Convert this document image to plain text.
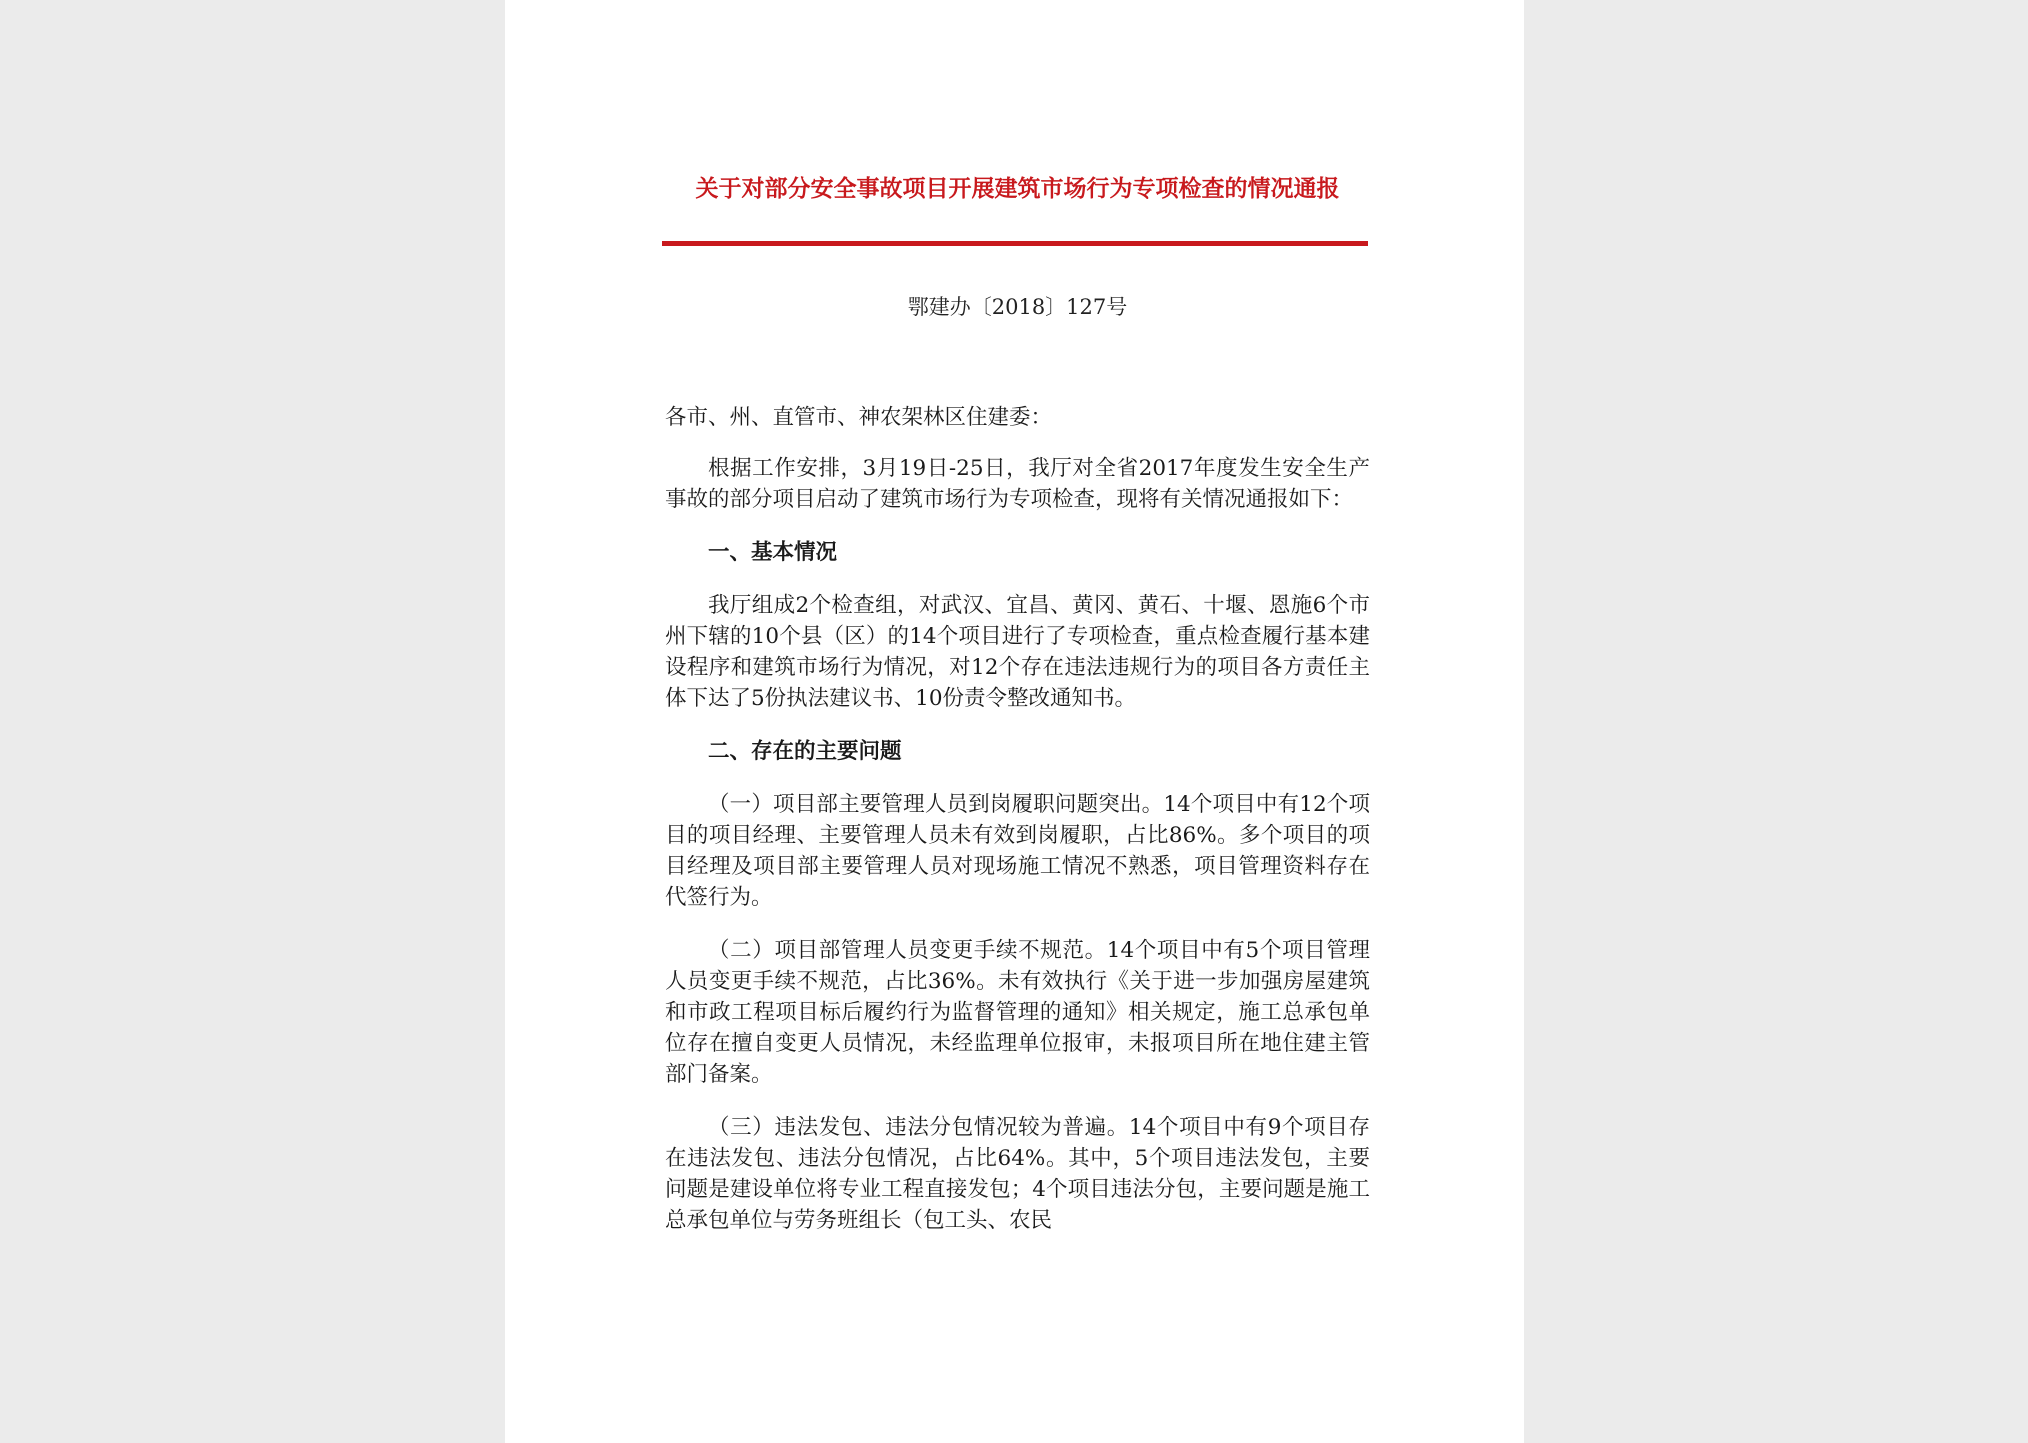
关于对部分安全事故项目开展建筑市场行为专项检查的情况通报
鄂建办〔2018〕127号

各市、州、直管市、神农架林区住建委：

根据工作安排，3月19日-25日，我厅对全省2017年度发生安全生产事故的部分项目启动了建筑市场行为专项检查，现将有关情况通报如下：

一、基本情况

我厅组成2个检查组，对武汉、宜昌、黄冈、黄石、十堰、恩施6个市州下辖的10个县（区）的14个项目进行了专项检查，重点检查履行基本建设程序和建筑市场行为情况，对12个存在违法违规行为的项目各方责任主体下达了5份执法建议书、10份责令整改通知书。

二、存在的主要问题

（一）项目部主要管理人员到岗履职问题突出。14个项目中有12个项目的项目经理、主要管理人员未有效到岗履职，占比86%。多个项目的项目经理及项目部主要管理人员对现场施工情况不熟悉，项目管理资料存在代签行为。

（二）项目部管理人员变更手续不规范。14个项目中有5个项目管理人员变更手续不规范，占比36%。未有效执行《关于进一步加强房屋建筑和市政工程项目标后履约行为监督管理的通知》相关规定，施工总承包单位存在擅自变更人员情况，未经监理单位报审，未报项目所在地住建主管部门备案。

（三）违法发包、违法分包情况较为普遍。14个项目中有9个项目存在违法发包、违法分包情况，占比64%。其中，5个项目违法发包，主要问题是建设单位将专业工程直接发包；4个项目违法分包，主要问题是施工总承包单位与劳务班组长（包工头、农民
